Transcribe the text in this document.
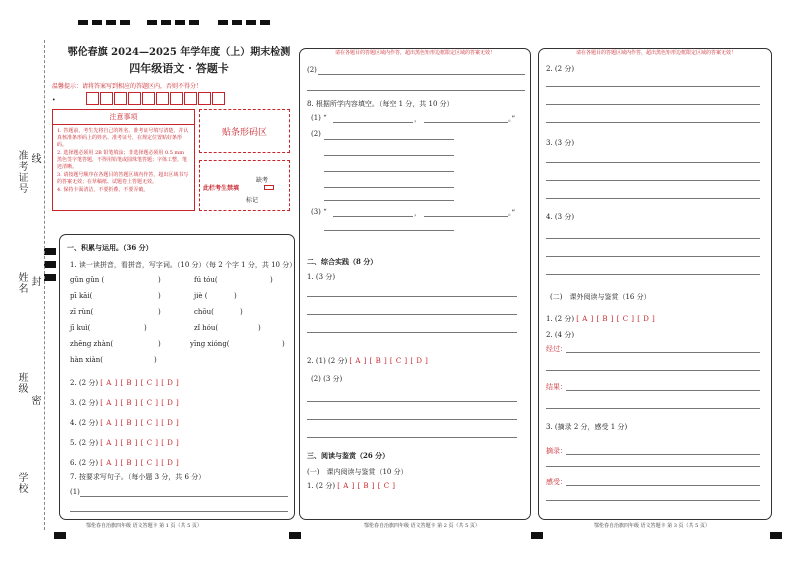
准考证号 线
姓名 封
班级
密
学校
鄂伦春旗 2024—2025 年学年度（上）期末检测
四年级语文 · 答题卡
温馨提示：请将答案写到相应的答题区内，否则不得分！
•
注意事项

1. 答题前，考生先将自己的姓名、准考证号填写清楚，并认真核准条形码上的姓名、准考证号，在规定位置贴好条形码。

2. 选择题必须用 2B 铅笔填涂；非选择题必须用 0.5 mm 黑色签字笔答题，不得用铅笔或圆珠笔答题；字体工整、笔迹清晰。

3. 请按题号顺序在各题目的答题区域内作答，超出区域书写的答案无效；在草稿纸、试题卷上答题无效。

4. 保持卡面清洁，不要折叠、不要弄破。

贴条形码区
此栏考生禁填
缺考
标记
一、积累与运用。（36 分）
1. 读一读拼音，看拼音，写字词。（10 分）（每 2 个字 1 分，共 10 分）
gǔn gǔn (	)	fú tóu(	)
pī kāi(	)	jiè (	)
zī rùn(	)	chōu(	)
jī kuì(	)	zǐ hóu(	)
zhēng zhàn(	)	yīng xióng(	)
hàn xiàn(	)
2. (2 分) [ A ] [ B ] [ C ] [ D ]
3. (2 分) [ A ] [ B ] [ C ] [ D ]
4. (2 分) [ A ] [ B ] [ C ] [ D ]
5. (2 分) [ A ] [ B ] [ C ] [ D ]
6. (2 分) [ A ] [ B ] [ C ] [ D ]
7. 按要求写句子。（每小题 3 分，共 6 分）
(1)
鄂伦春自治旗四年级 语文答题卡 第 1 页（共 5 页）
请在各题目的答题区域内作答，超出黑色矩形边框限定区域的答案无效！
(2)
8. 根据所学内容填空。（每空 1 分，共 10 分）
(1) “	，	。”
(2)
(3) “	，	。”
二、综合实践（8 分）
1. (3 分)
2. (1) (2 分) [ A ] [ B ] [ C ] [ D ]
(2) (3 分)
三、阅读与鉴赏（26 分）
(一)　课内阅读与鉴赏（10 分）
1. (2 分) [ A ] [ B ] [ C ]
鄂伦春自治旗四年级 语文答题卡 第 2 页（共 5 页）
请在各题目的答题区域内作答，超出黑色矩形边框限定区域的答案无效！
2. (2 分)
3. (3 分)
4. (3 分)
(二)　课外阅读与鉴赏（16 分）
1. (2 分) [ A ] [ B ] [ C ] [ D ]
2. (4 分)
经过：
结果：
3. (摘录 2 分，感受 1 分)
摘录：
感受：
鄂伦春自治旗四年级 语文答题卡 第 3 页（共 5 页）
